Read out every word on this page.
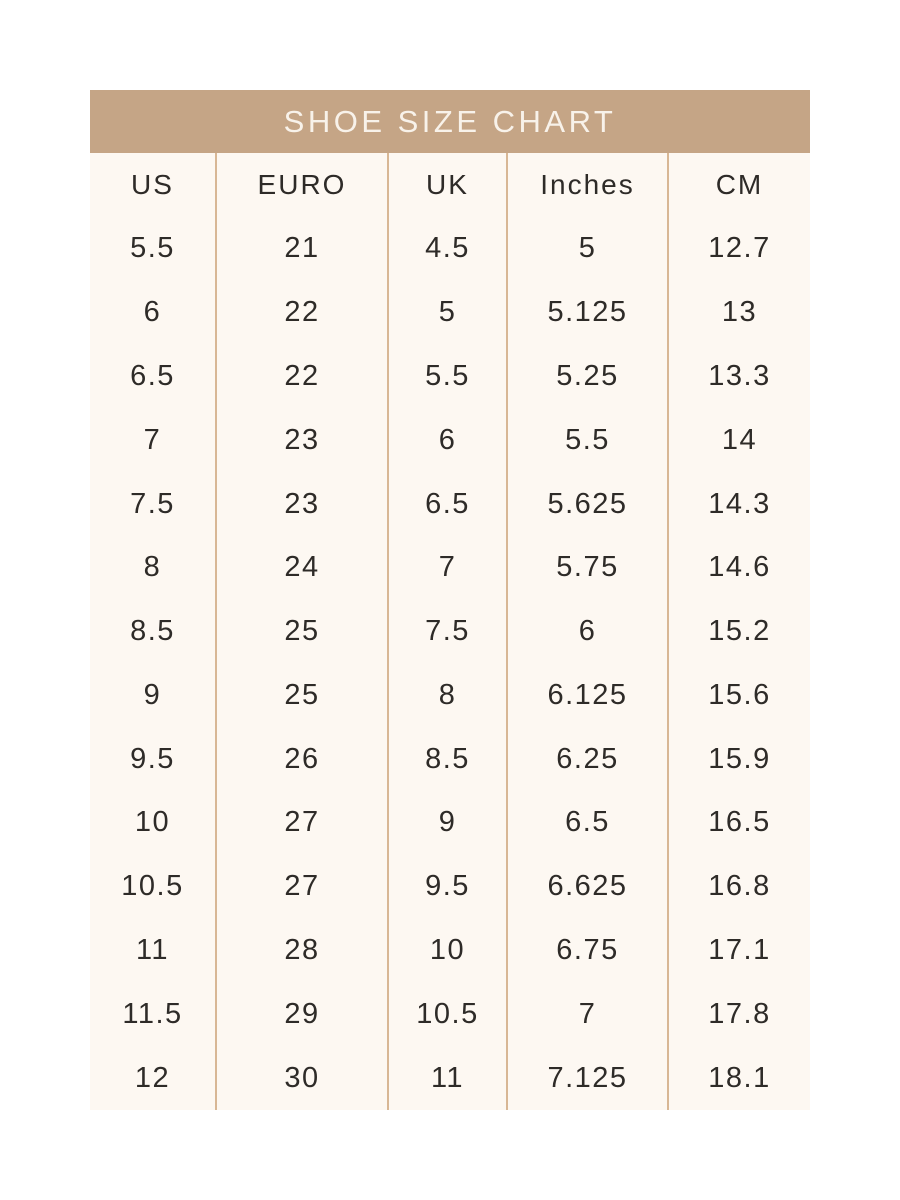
SHOE SIZE CHART
US	EURO	UK	Inches	CM
5.5	21	4.5	5	12.7
6	22	5	5.125	13
6.5	22	5.5	5.25	13.3
7	23	6	5.5	14
7.5	23	6.5	5.625	14.3
8	24	7	5.75	14.6
8.5	25	7.5	6	15.2
9	25	8	6.125	15.6
9.5	26	8.5	6.25	15.9
10	27	9	6.5	16.5
10.5	27	9.5	6.625	16.8
11	28	10	6.75	17.1
11.5	29	10.5	7	17.8
12	30	11	7.125	18.1
